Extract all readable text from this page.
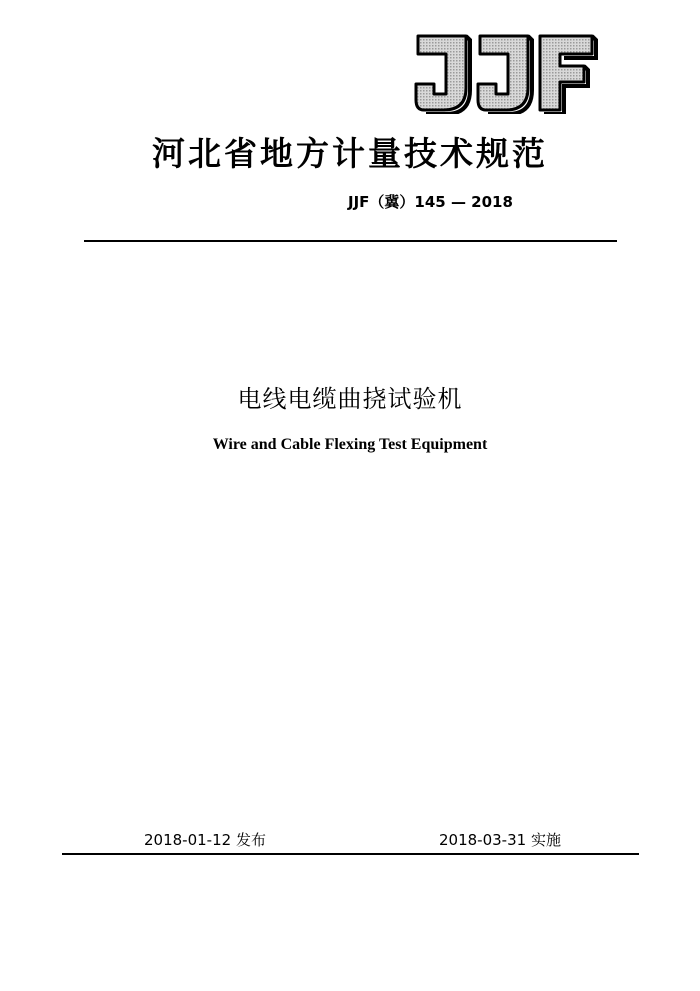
河北省地方计量技术规范
JJF（冀）145 — 2018
电线电缆曲挠试验机
Wire and Cable Flexing Test Equipment
2018-01-12 发布	2018-03-31 实施
